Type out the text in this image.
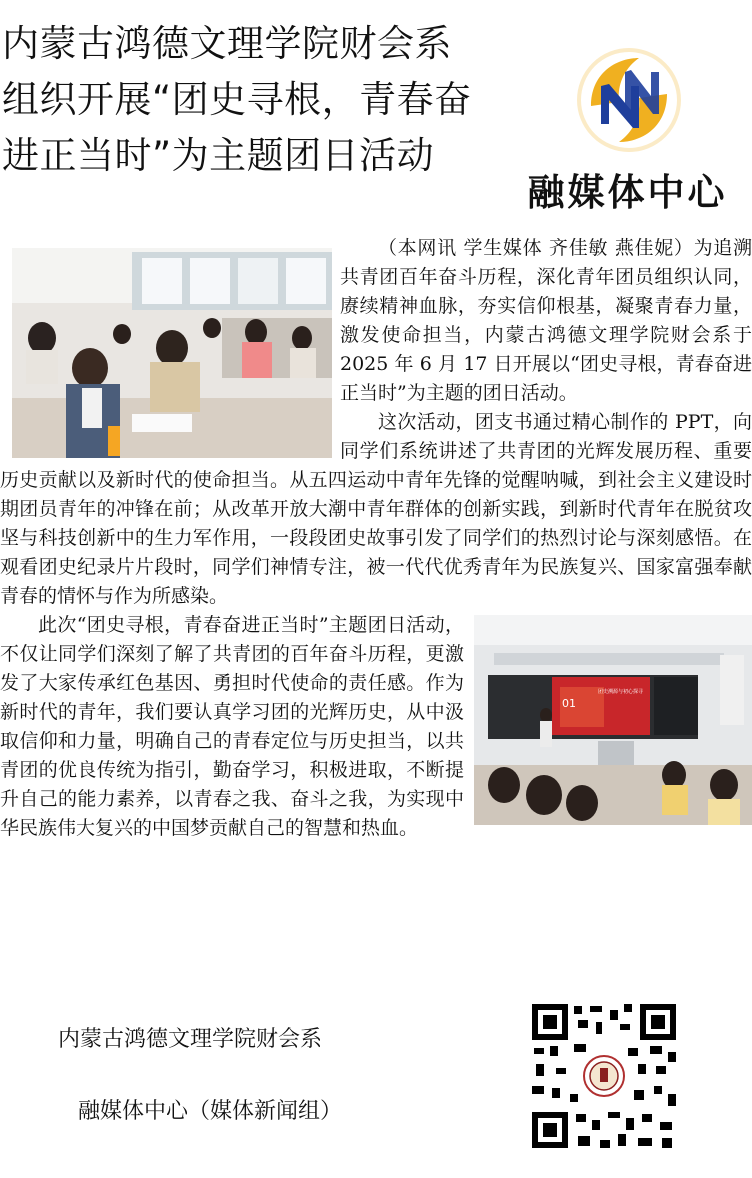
内蒙古鸿德文理学院财会系组织开展“团史寻根，青春奋进正当时”为主题团日活动
融媒体中心

（本网讯 学生媒体 齐佳敏 燕佳妮）为追溯共青团百年奋斗历程，深化青年团员组织认同，赓续精神血脉，夯实信仰根基，凝聚青春力量，激发使命担当，内蒙古鸿德文理学院财会系于 2025 年 6 月 17 日开展以“团史寻根，青春奋进正当时”为主题的团日活动。

这次活动，团支书通过精心制作的 PPT，向同学们系统讲述了共青团的光辉发展历程、重要历史贡献以及新时代的使命担当。从五四运动中青年先锋的觉醒呐喊，到社会主义建设时期团员青年的冲锋在前；从改革开放大潮中青年群体的创新实践，到新时代青年在脱贫攻坚与科技创新中的生力军作用，一段段团史故事引发了同学们的热烈讨论与深刻感悟。在观看团史纪录片片段时，同学们神情专注，被一代代优秀青年为民族复兴、国家富强奉献青春的情怀与作为所感染。

01
团史溯源与初心探寻
此次“团史寻根，青春奋进正当时”主题团日活动，不仅让同学们深刻了解了共青团的百年奋斗历程，更激发了大家传承红色基因、勇担时代使命的责任感。作为新时代的青年，我们要认真学习团的光辉历史，从中汲取信仰和力量，明确自己的青春定位与历史担当，以共青团的优良传统为指引，勤奋学习，积极进取，不断提升自己的能力素养，以青春之我、奋斗之我，为实现中华民族伟大复兴的中国梦贡献自己的智慧和热血。

内蒙古鸿德文理学院财会系
融媒体中心（媒体新闻组）
